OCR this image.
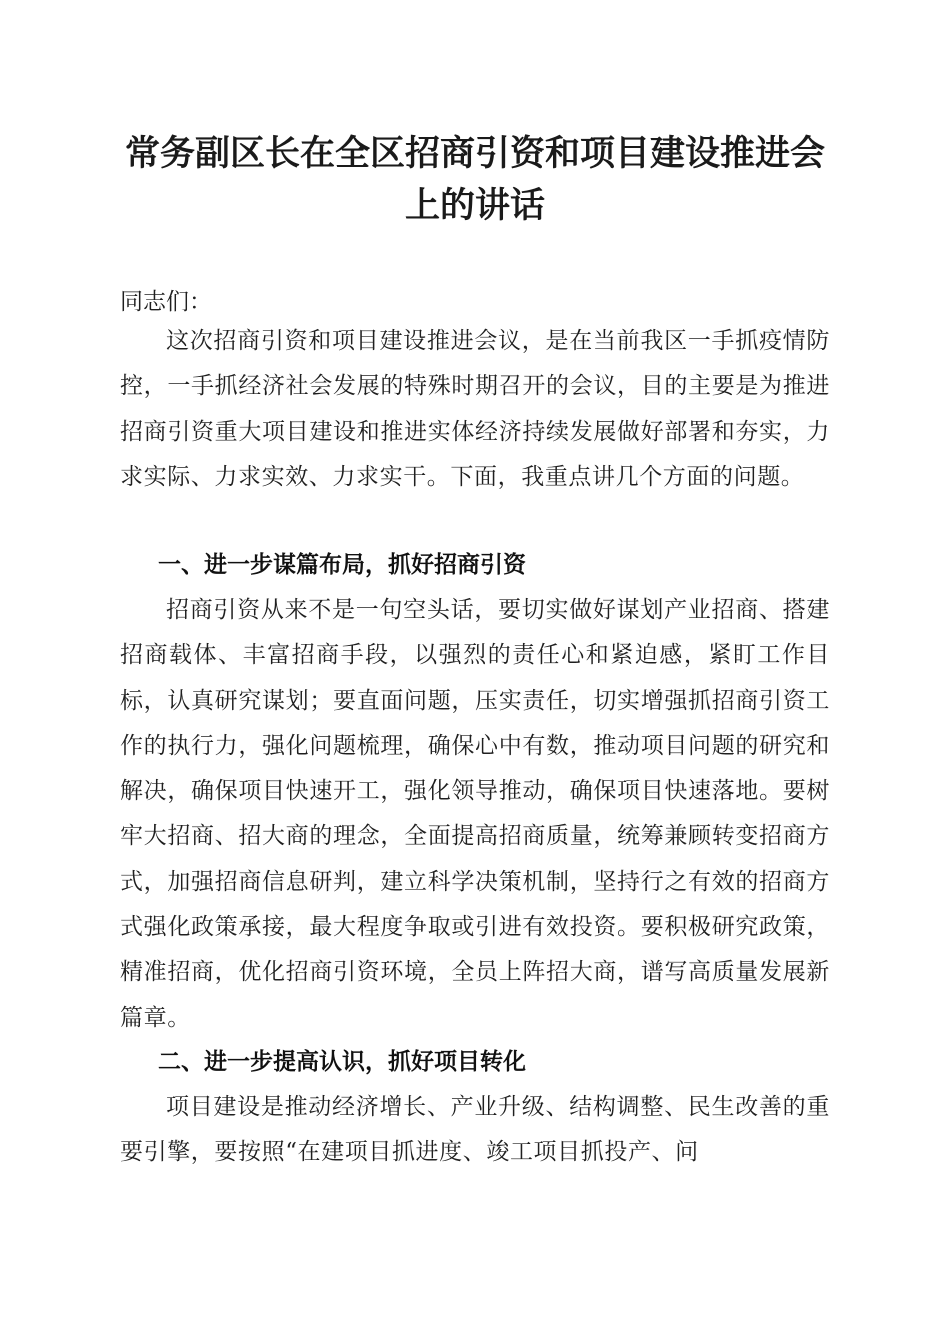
常务副区长在全区招商引资和项目建设推进会上的讲话

同志们：

这次招商引资和项目建设推进会议，是在当前我区一手抓疫情防控，一手抓经济社会发展的特殊时期召开的会议，目的主要是为推进招商引资重大项目建设和推进实体经济持续发展做好部署和夯实，力求实际、力求实效、力求实干。下面，我重点讲几个方面的问题。

一、进一步谋篇布局，抓好招商引资

招商引资从来不是一句空头话，要切实做好谋划产业招商、搭建招商载体、丰富招商手段，以强烈的责任心和紧迫感，紧盯工作目标，认真研究谋划；要直面问题，压实责任，切实增强抓招商引资工作的执行力，强化问题梳理，确保心中有数，推动项目问题的研究和解决，确保项目快速开工，强化领导推动，确保项目快速落地。要树牢大招商、招大商的理念，全面提高招商质量，统筹兼顾转变招商方式，加强招商信息研判，建立科学决策机制，坚持行之有效的招商方式强化政策承接，最大程度争取或引进有效投资。要积极研究政策，精准招商，优化招商引资环境，全员上阵招大商，谱写高质量发展新篇章。

二、进一步提高认识，抓好项目转化

项目建设是推动经济增长、产业升级、结构调整、民生改善的重要引擎，要按照“在建项目抓进度、竣工项目抓投产、问
